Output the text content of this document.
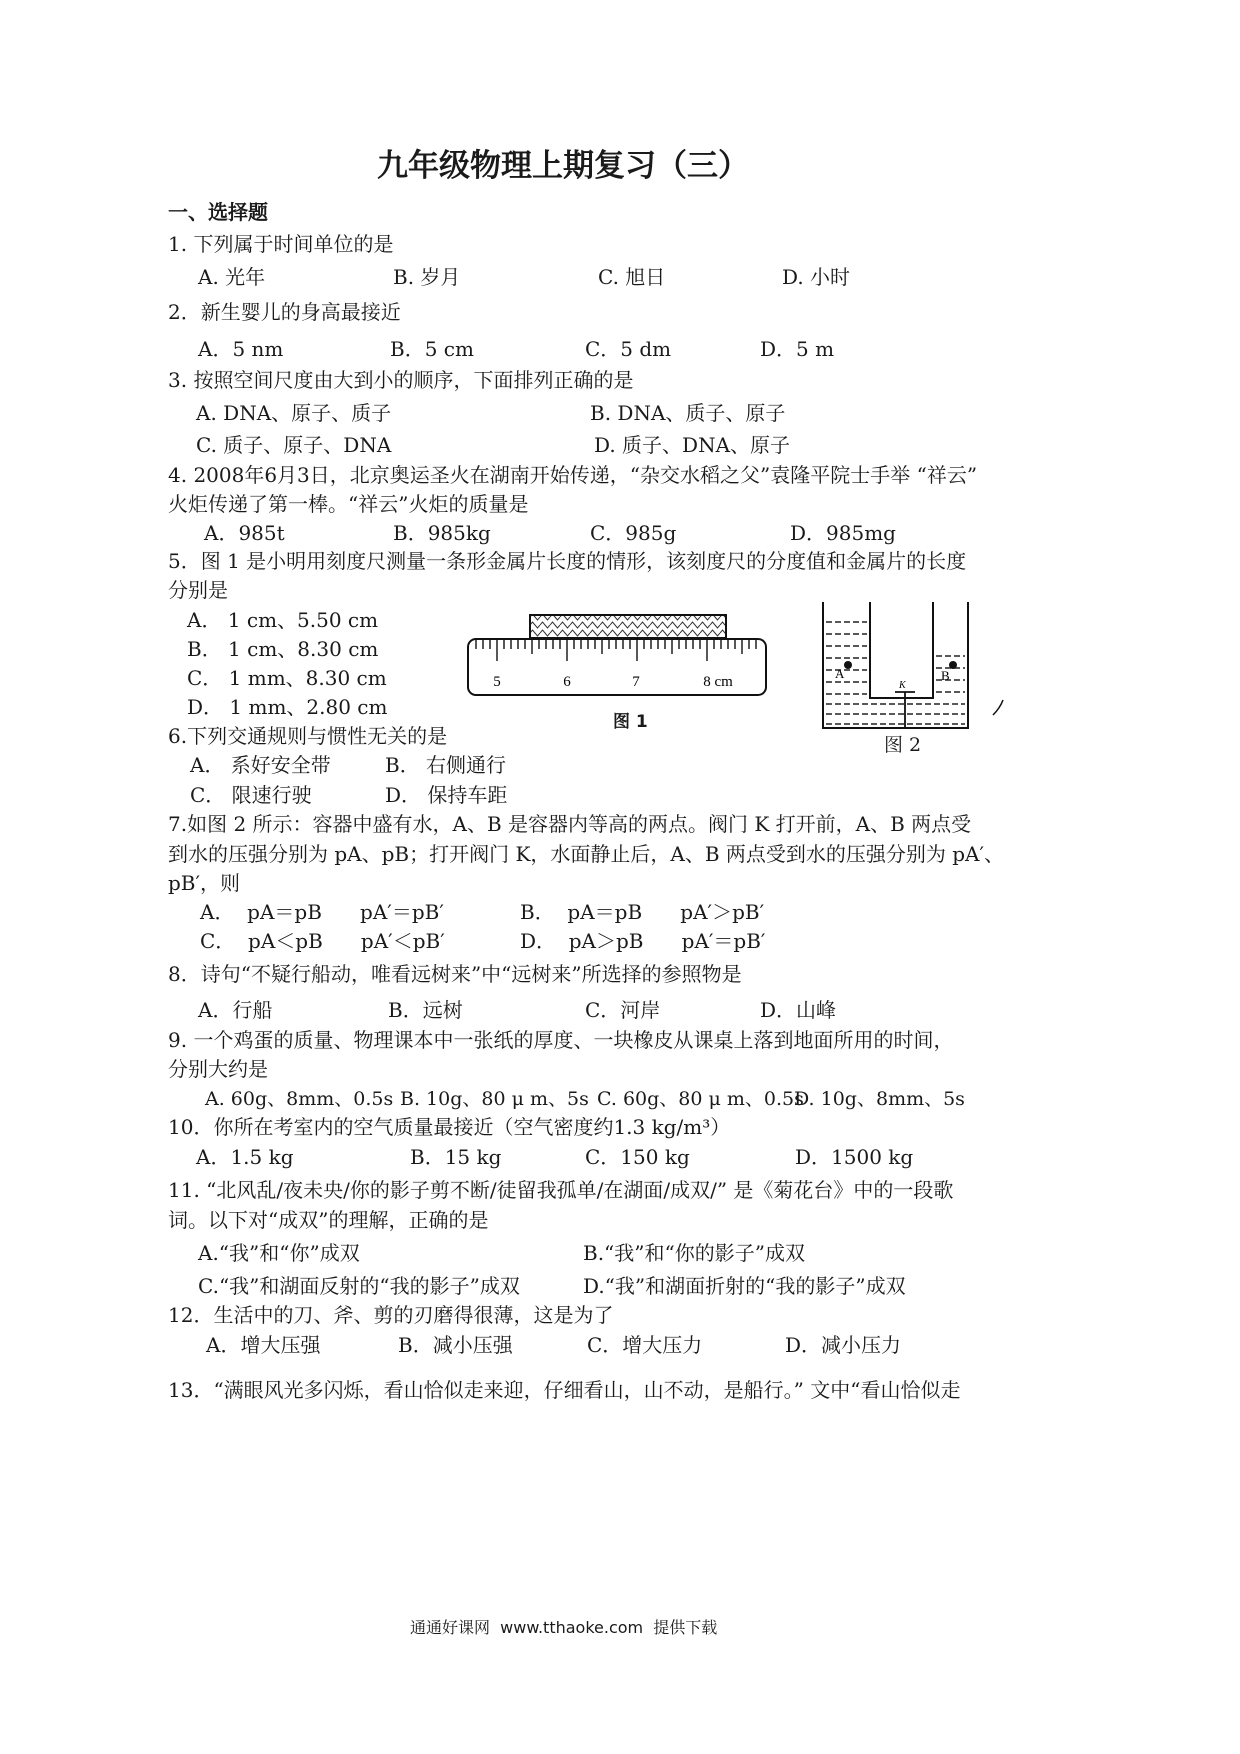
九年级物理上期复习（三）
一、选择题
1. 下列属于时间单位的是
A. 光年	B. 岁月	C. 旭日	D. 小时
2．新生婴儿的身高最接近
A．5 nm	B．5 cm	C．5 dm	D．5 m
3. 按照空间尺度由大到小的顺序，下面排列正确的是
A. DNA、原子、质子	B. DNA、质子、原子
C. 质子、原子、DNA	D. 质子、DNA、原子
4. 2008年6月3日，北京奥运圣火在湖南开始传递，“杂交水稻之父”袁隆平院士手举 “祥云”
火炬传递了第一棒。“祥云”火炬的质量是
A．985t	B．985kg	C．985g	D．985mg
5．图 1 是小明用刻度尺测量一条形金属片长度的情形，该刻度尺的分度值和金属片的长度
分别是
A． 1 cm、5.50 cm
B． 1 cm、8.30 cm
C． 1 mm、8.30 cm
D． 1 mm、2.80 cm
5	6	7	8 cm
图 1
A	B
K
图 2
6.下列交通规则与惯性无关的是
A． 系好安全带	B． 右侧通行
C． 限速行驶	D． 保持车距
7.如图 2 所示：容器中盛有水，A、B 是容器内等高的两点。阀门 K 打开前，A、B 两点受
到水的压强分别为 pA、pB；打开阀门 K，水面静止后，A、B 两点受到水的压强分别为 pA′、
pB′，则
A．  pA＝pB      pA′＝pB′	B．  pA＝pB      pA′＞pB′
C．  pA＜pB      pA′＜pB′	D．  pA＞pB      pA′＝pB′
8．诗句“不疑行船动，唯看远树来”中“远树来”所选择的参照物是
A．行船	B．远树	C．河岸	D．山峰
9. 一个鸡蛋的质量、物理课本中一张纸的厚度、一块橡皮从课桌上落到地面所用的时间，
分别大约是
A. 60g、8mm、0.5s B. 10g、80 μ m、5s C. 60g、80 μ m、0.5s
D. 10g、8mm、5s
10．你所在考室内的空气质量最接近（空气密度约1.3 kg/m³）
A．1.5 kg	B．15 kg	C．150 kg	D．1500 kg
11. “北风乱/夜未央/你的影子剪不断/徒留我孤单/在湖面/成双/” 是《菊花台》中的一段歌
词。以下对“成双”的理解，正确的是
A.“我”和“你”成双	B.“我”和“你的影子”成双
C.“我”和湖面反射的“我的影子”成双	D.“我”和湖面折射的“我的影子”成双
12．生活中的刀、斧、剪的刃磨得很薄，这是为了
A．增大压强	B．减小压强	C．增大压力	D．减小压力
13．“满眼风光多闪烁，看山恰似走来迎，仔细看山，山不动，是船行。” 文中“看山恰似走
通通好课网  www.tthaoke.com  提供下载
